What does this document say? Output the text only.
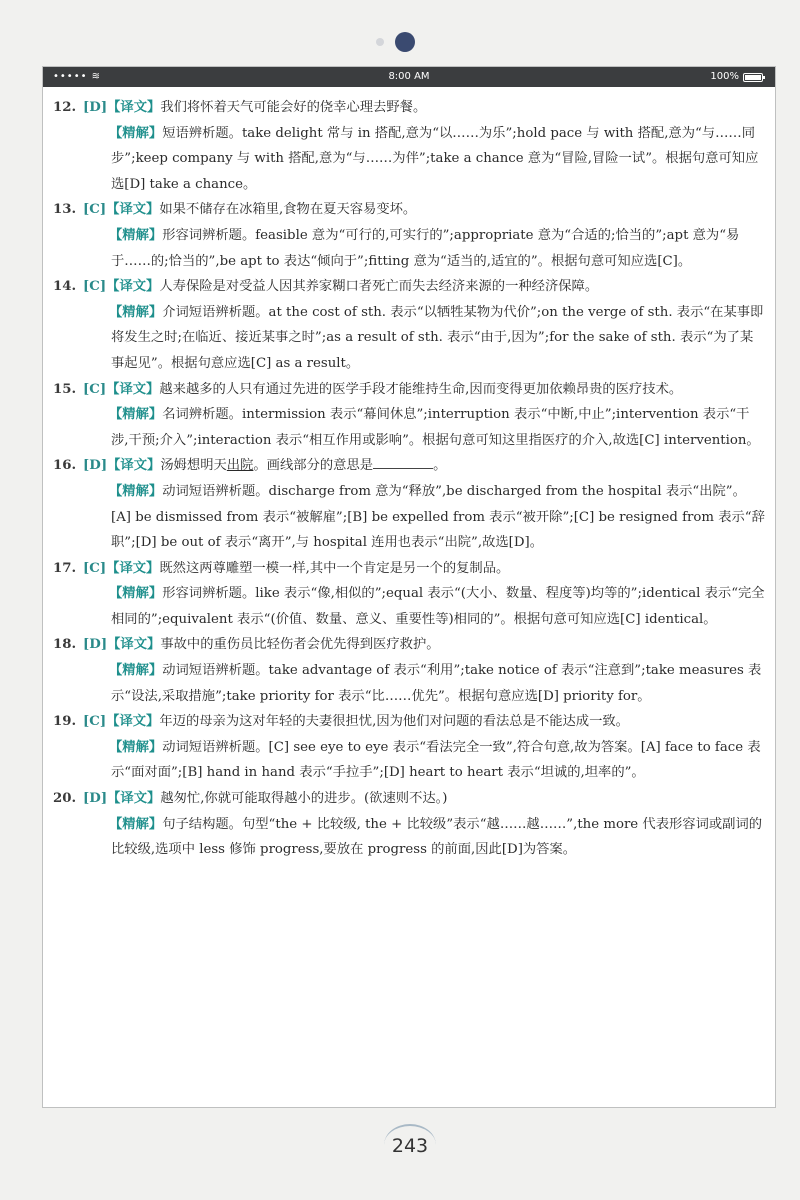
••••• ≋	8:00 AM	100%
12. [D]【译文】我们将怀着天气可能会好的侥幸心理去野餐。
【精解】短语辨析题。take delight 常与 in 搭配,意为“以……为乐”;hold pace 与 with 搭配,意为“与……同步”;keep company 与 with 搭配,意为“与……为伴”;take a chance 意为“冒险,冒险一试”。根据句意可知应选[D] take a chance。
13. [C]【译文】如果不储存在冰箱里,食物在夏天容易变坏。
【精解】形容词辨析题。feasible 意为“可行的,可实行的”;appropriate 意为“合适的;恰当的”;apt 意为“易于……的;恰当的”,be apt to 表达“倾向于”;fitting 意为“适当的,适宜的”。根据句意可知应选[C]。
14. [C]【译文】人寿保险是对受益人因其养家糊口者死亡而失去经济来源的一种经济保障。
【精解】介词短语辨析题。at the cost of sth. 表示“以牺牲某物为代价”;on the verge of sth. 表示“在某事即将发生之时;在临近、接近某事之时”;as a result of sth. 表示“由于,因为”;for the sake of sth. 表示“为了某事起见”。根据句意应选[C] as a result。
15. [C]【译文】越来越多的人只有通过先进的医学手段才能维持生命,因而变得更加依赖昂贵的医疗技术。
【精解】名词辨析题。intermission 表示“幕间休息”;interruption 表示“中断,中止”;intervention 表示“干涉,干预;介入”;interaction 表示“相互作用或影响”。根据句意可知这里指医疗的介入,故选[C] intervention。
16. [D]【译文】汤姆想明天出院。画线部分的意思是	。
【精解】动词短语辨析题。discharge from 意为“释放”,be discharged from the hospital 表示“出院”。[A] be dismissed from 表示“被解雇”;[B] be expelled from 表示“被开除”;[C] be resigned from 表示“辞职”;[D] be out of 表示“离开”,与 hospital 连用也表示“出院”,故选[D]。
17. [C]【译文】既然这两尊雕塑一模一样,其中一个肯定是另一个的复制品。
【精解】形容词辨析题。like 表示“像,相似的”;equal 表示“(大小、数量、程度等)均等的”;identical 表示“完全相同的”;equivalent 表示“(价值、数量、意义、重要性等)相同的”。根据句意可知应选[C] identical。
18. [D]【译文】事故中的重伤员比轻伤者会优先得到医疗救护。
【精解】动词短语辨析题。take advantage of 表示“利用”;take notice of 表示“注意到”;take measures 表示“设法,采取措施”;take priority for 表示“比……优先”。根据句意应选[D] priority for。
19. [C]【译文】年迈的母亲为这对年轻的夫妻很担忧,因为他们对问题的看法总是不能达成一致。
【精解】动词短语辨析题。[C] see eye to eye 表示“看法完全一致”,符合句意,故为答案。[A] face to face 表示“面对面”;[B] hand in hand 表示“手拉手”;[D] heart to heart 表示“坦诚的,坦率的”。
20. [D]【译文】越匆忙,你就可能取得越小的进步。(欲速则不达。)
【精解】句子结构题。句型“the + 比较级, the + 比较级”表示“越……越……”,the more 代表形容词或副词的比较级,选项中 less 修饰 progress,要放在 progress 的前面,因此[D]为答案。
243
